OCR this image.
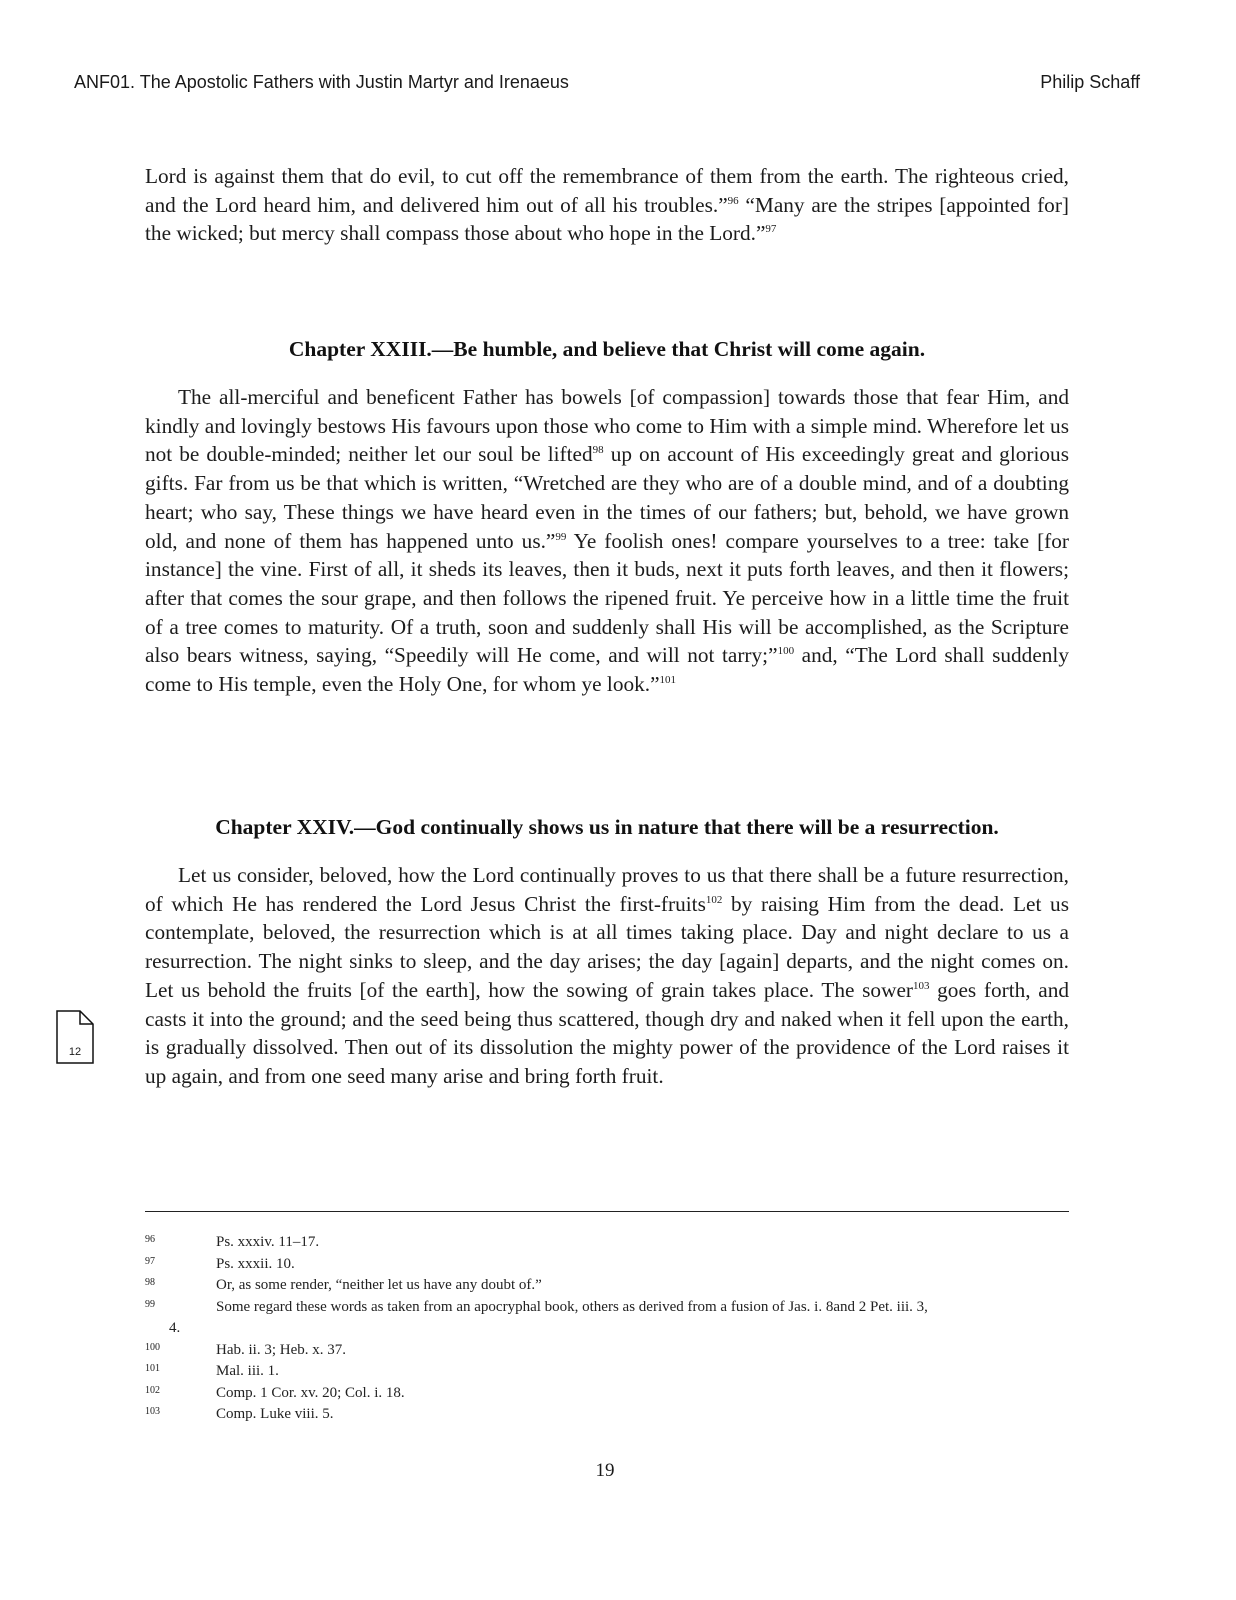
ANF01. The Apostolic Fathers with Justin Martyr and Irenaeus	Philip Schaff

Lord is against them that do evil, to cut off the remembrance of them from the earth. The righteous cried, and the Lord heard him, and delivered him out of all his troubles.”$^{96}$ “Many are the stripes [appointed for] the wicked; but mercy shall compass those about who hope in the Lord.”$^{97}$

Chapter XXIII.—Be humble, and believe that Christ will come again.

The all-merciful and beneficent Father has bowels [of compassion] towards those that fear Him, and kindly and lovingly bestows His favours upon those who come to Him with a simple mind. Wherefore let us not be double-minded; neither let our soul be lifted$^{98}$ up on account of His exceedingly great and glorious gifts. Far from us be that which is written, “Wretched are they who are of a double mind, and of a doubting heart; who say, These things we have heard even in the times of our fathers; but, behold, we have grown old, and none of them has happened unto us.”$^{99}$ Ye foolish ones! compare yourselves to a tree: take [for instance] the vine. First of all, it sheds its leaves, then it buds, next it puts forth leaves, and then it flowers; after that comes the sour grape, and then follows the ripened fruit. Ye perceive how in a little time the fruit of a tree comes to maturity. Of a truth, soon and suddenly shall His will be accomplished, as the Scripture also bears witness, saying, “Speedily will He come, and will not tarry;”$^{100}$ and, “The Lord shall suddenly come to His temple, even the Holy One, for whom ye look.”$^{101}$

Chapter XXIV.—God continually shows us in nature that there will be a resurrection.

Let us consider, beloved, how the Lord continually proves to us that there shall be a future resurrection, of which He has rendered the Lord Jesus Christ the first-fruits$^{102}$ by raising Him from the dead. Let us contemplate, beloved, the resurrection which is at all times taking place. Day and night declare to us a resurrection. The night sinks to sleep, and the day arises; the day [again] departs, and the night comes on. Let us behold the fruits [of the earth], how the sowing of grain takes place. The sower$^{103}$ goes forth, and casts it into the ground; and the seed being thus scattered, though dry and naked when it fell upon the earth, is gradually dissolved. Then out of its dissolution the mighty power of the providence of the Lord raises it up again, and from one seed many arise and bring forth fruit.

12
96	Ps. xxxiv. 11–17.
97	Ps. xxxii. 10.
98	Or, as some render, “neither let us have any doubt of.”
99	Some regard these words as taken from an apocryphal book, others as derived from a fusion of Jas. i. 8and 2 Pet. iii. 3,
4.
100	Hab. ii. 3; Heb. x. 37.
101	Mal. iii. 1.
102	Comp. 1 Cor. xv. 20; Col. i. 18.
103	Comp. Luke viii. 5.
19
